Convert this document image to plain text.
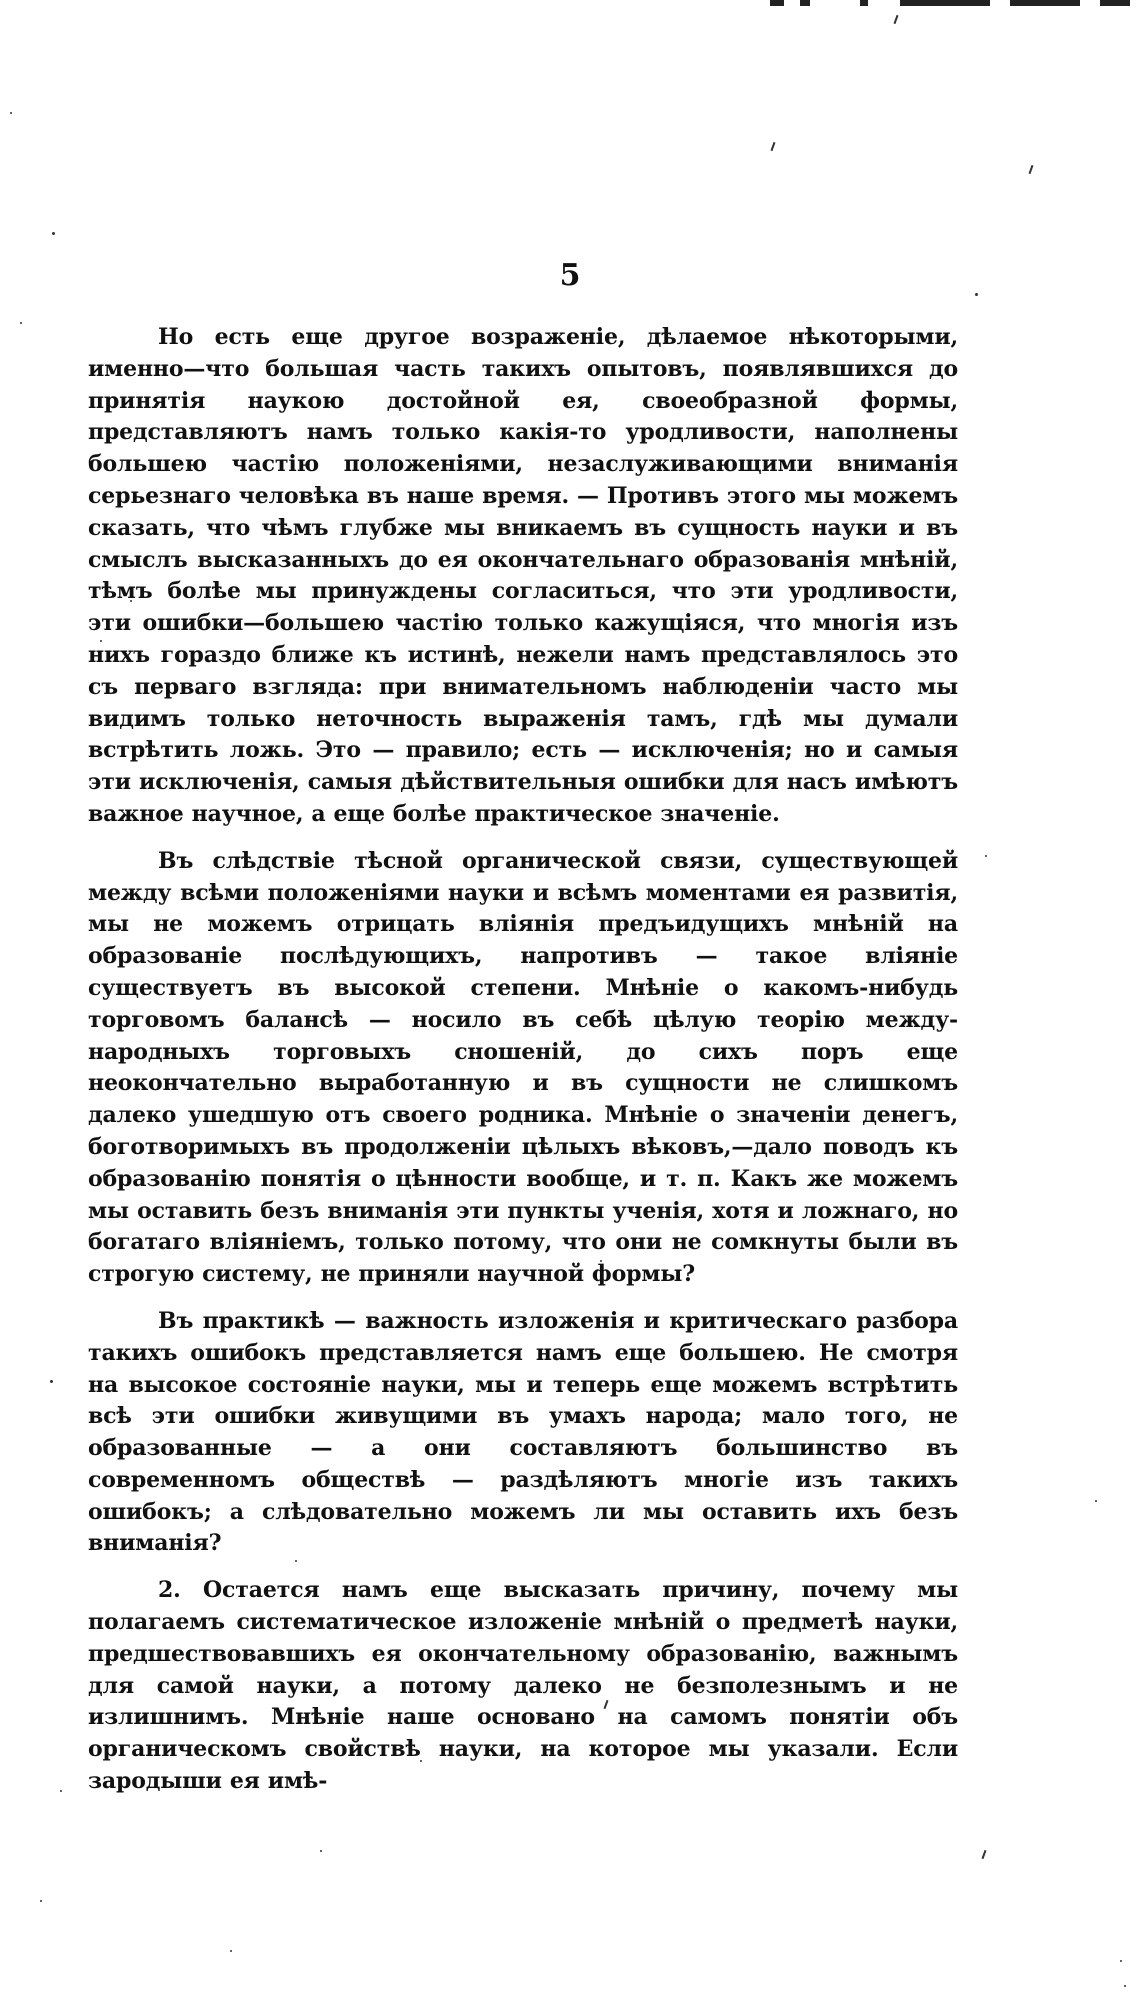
5

Но есть еще другое возраженіе, дѣлаемое нѣкоторыми, именно—что большая часть такихъ опытовъ, появлявшихся до принятія наукою достойной ея, своеобразной формы, представляютъ намъ только какія-то уродливости, наполнены большею частію положеніями, незаслуживающими вниманія серьезнаго человѣка въ наше время. — Противъ этого мы можемъ сказать, что чѣмъ глубже мы вникаемъ въ сущность науки и въ смыслъ высказанныхъ до ея окончательнаго образованія мнѣній, тѣмъ болѣе мы принуждены согласиться, что эти уродливости, эти ошибки—большею частію только кажущіяся, что многія изъ нихъ гораздо ближе къ истинѣ, нежели намъ представлялось это съ перваго взгляда: при внимательномъ наблюденіи часто мы видимъ только неточность выраженія тамъ, гдѣ мы думали встрѣтить ложь. Это — правило; есть — исключенія; но и самыя эти исключенія, самыя дѣйствительныя ошибки для насъ имѣютъ важное научное, а еще болѣе практическое значеніе.

Въ слѣдствіе тѣсной органической связи, существующей между всѣми положеніями науки и всѣмъ моментами ея развитія, мы не можемъ отрицать вліянія предъидущихъ мнѣній на образованіе послѣдующихъ, напротивъ — такое вліяніе существуетъ въ высокой степени. Мнѣніе о какомъ-нибудь торговомъ балансѣ — носило въ себѣ цѣлую теорію между-народныхъ торговыхъ сношеній, до сихъ поръ еще неокончательно выработанную и въ сущности не слишкомъ далеко ушедшую отъ своего родника. Мнѣніе о значеніи денегъ, боготворимыхъ въ продолженіи цѣлыхъ вѣковъ,—дало поводъ къ образованію понятія о цѣнности вообще, и т. п. Какъ же можемъ мы оставить безъ вниманія эти пункты ученія, хотя и ложнаго, но богатаго вліяніемъ, только потому, что они не сомкнуты были въ строгую систему, не приняли научной формы?

Въ практикѣ — важность изложенія и критическаго разбора такихъ ошибокъ представляется намъ еще большею. Не смотря на высокое состояніе науки, мы и теперь еще можемъ встрѣтить всѣ эти ошибки живущими въ умахъ народа; мало того, не образованные — а они составляютъ большинство въ современномъ обществѣ — раздѣляютъ многіе изъ такихъ ошибокъ; а слѣдовательно можемъ ли мы оставить ихъ безъ вниманія?

2. Остается намъ еще высказать причину, почему мы полагаемъ систематическое изложеніе мнѣній о предметѣ науки, предшествовавшихъ ея окончательному образованію, важнымъ для самой науки, а потому далеко не безполезнымъ и не излишнимъ. Мнѣніе наше основано на самомъ понятіи объ органическомъ свойствѣ науки, на которое мы указали. Если зародыши ея имѣ-
